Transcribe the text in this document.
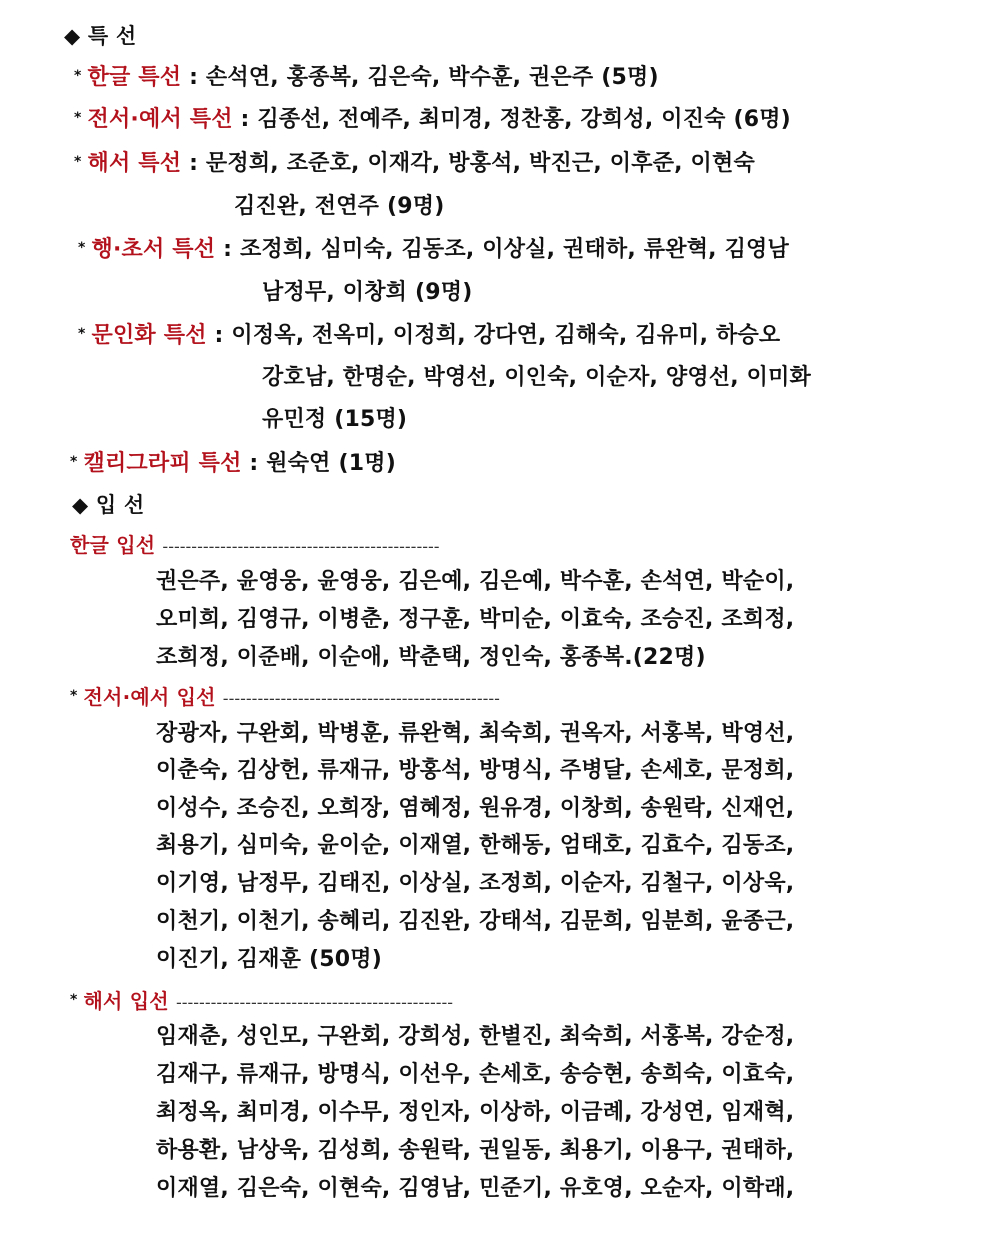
◆ 특 선
* 한글 특선 : 손석연, 홍종복, 김은숙, 박수훈, 권은주 (5명)
* 전서·예서 특선 : 김종선, 전예주, 최미경, 정찬홍, 강희성, 이진숙 (6명)
* 해서 특선 : 문정희, 조준호, 이재각, 방홍석, 박진근, 이후준, 이현숙
김진완, 전연주 (9명)
* 행·초서 특선 : 조정희, 심미숙, 김동조, 이상실, 권태하, 류완혁, 김영남
남정무, 이창희 (9명)
* 문인화 특선 : 이정옥, 전옥미, 이정희, 강다연, 김해숙, 김유미, 하승오
강호남, 한명순, 박영선, 이인숙, 이순자, 양영선, 이미화
유민정 (15명)
* 캘리그라피 특선 : 원숙연 (1명)
◆ 입 선
한글 입선 ------------------------------------------------
권은주, 윤영웅, 윤영웅, 김은예, 김은예, 박수훈, 손석연, 박순이,
오미희, 김영규, 이병춘, 정구훈, 박미순, 이효숙, 조승진, 조희정,
조희정, 이준배, 이순애, 박춘택, 정인숙, 홍종복.(22명)
* 전서·예서 입선 ------------------------------------------------
장광자, 구완회, 박병훈, 류완혁, 최숙희, 권옥자, 서홍복, 박영선,
이춘숙, 김상헌, 류재규, 방홍석, 방명식, 주병달, 손세호, 문정희,
이성수, 조승진, 오희장, 염혜정, 원유경, 이창희, 송원락, 신재언,
최용기, 심미숙, 윤이순, 이재열, 한해동, 엄태호, 김효수, 김동조,
이기영, 남정무, 김태진, 이상실, 조정희, 이순자, 김철구, 이상욱,
이천기, 이천기, 송혜리, 김진완, 강태석, 김문희, 임분희, 윤종근,
이진기, 김재훈 (50명)
* 해서 입선 ------------------------------------------------
임재춘, 성인모, 구완회, 강희성, 한별진, 최숙희, 서홍복, 강순정,
김재구, 류재규, 방명식, 이선우, 손세호, 송승현, 송희숙, 이효숙,
최정옥, 최미경, 이수무, 정인자, 이상하, 이금례, 강성연, 임재혁,
하용환, 남상욱, 김성희, 송원락, 권일동, 최용기, 이용구, 권태하,
이재열, 김은숙, 이현숙, 김영남, 민준기, 유호영, 오순자, 이학래,
